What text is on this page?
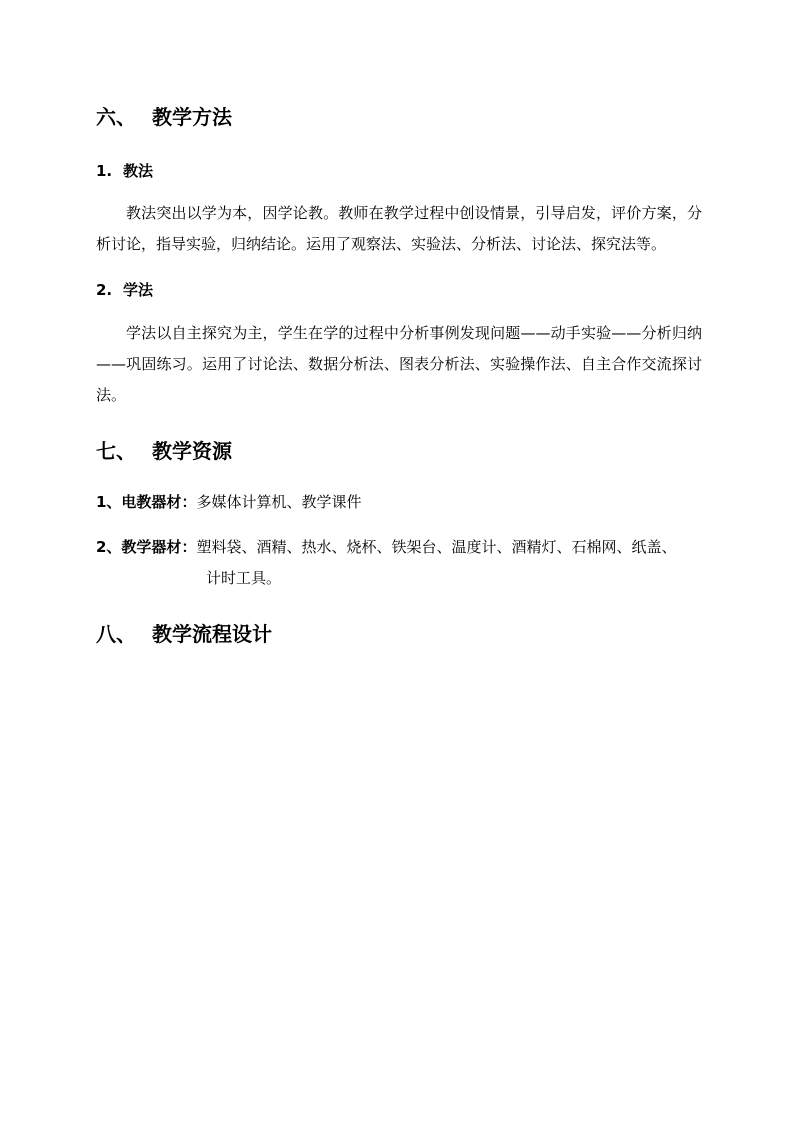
六、 教学方法
1. 教法
教法突出以学为本，因学论教。教师在教学过程中创设情景，引导启发，评价方案，分析讨论，指导实验，归纳结论。运用了观察法、实验法、分析法、讨论法、探究法等。
2. 学法
学法以自主探究为主，学生在学的过程中分析事例发现问题——动手实验——分析归纳——巩固练习。运用了讨论法、数据分析法、图表分析法、实验操作法、自主合作交流探讨法。
七、 教学资源
1、电教器材：多媒体计算机、教学课件
2、教学器材：塑料袋、酒精、热水、烧杯、铁架台、温度计、酒精灯、石棉网、纸盖、
计时工具。
八、 教学流程设计
